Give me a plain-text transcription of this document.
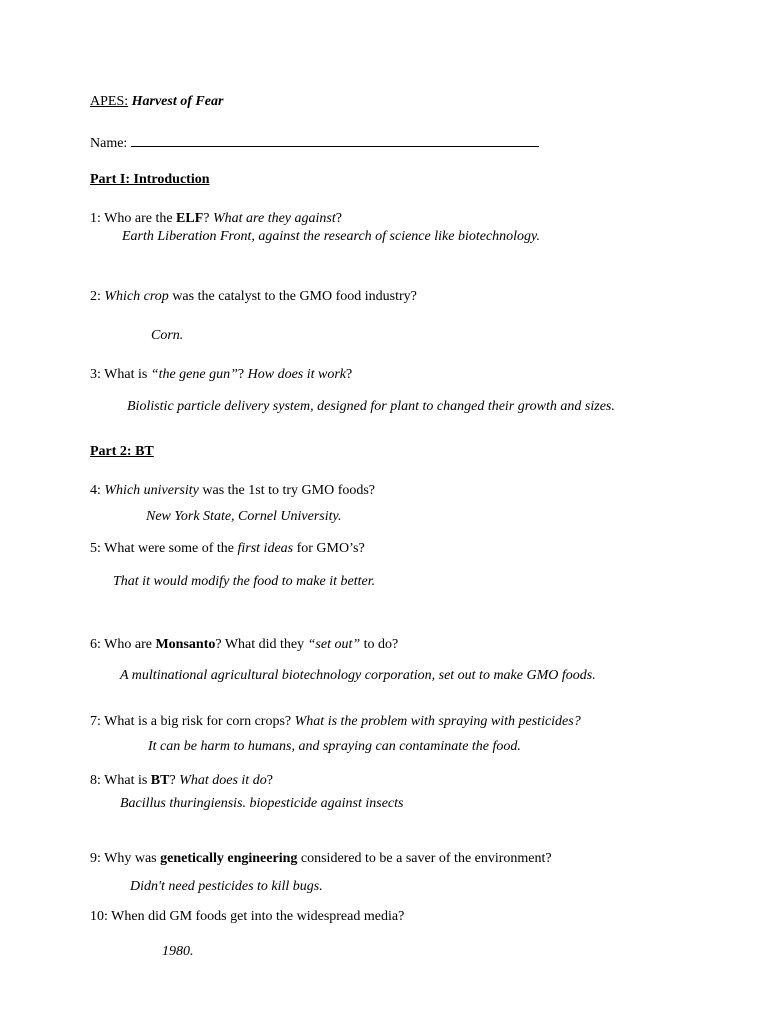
APES: Harvest of Fear
Name:
Part I: Introduction
1: Who are the ELF? What are they against?
Earth Liberation Front, against the research of science like biotechnology.
2: Which crop was the catalyst to the GMO food industry?
Corn.
3: What is “the gene gun”? How does it work?
Biolistic particle delivery system, designed for plant to changed their growth and sizes.
Part 2: BT
4: Which university was the 1st to try GMO foods?
New York State, Cornel University.
5: What were some of the first ideas for GMO’s?
That it would modify the food to make it better.
6: Who are Monsanto? What did they “set out” to do?
A multinational agricultural biotechnology corporation, set out to make GMO foods.
7: What is a big risk for corn crops? What is the problem with spraying with pesticides?
It can be harm to humans, and spraying can contaminate the food.
8: What is BT? What does it do?
Bacillus thuringiensis. biopesticide against insects
9: Why was genetically engineering considered to be a saver of the environment?
Didn't need pesticides to kill bugs.
10: When did GM foods get into the widespread media?
1980.
